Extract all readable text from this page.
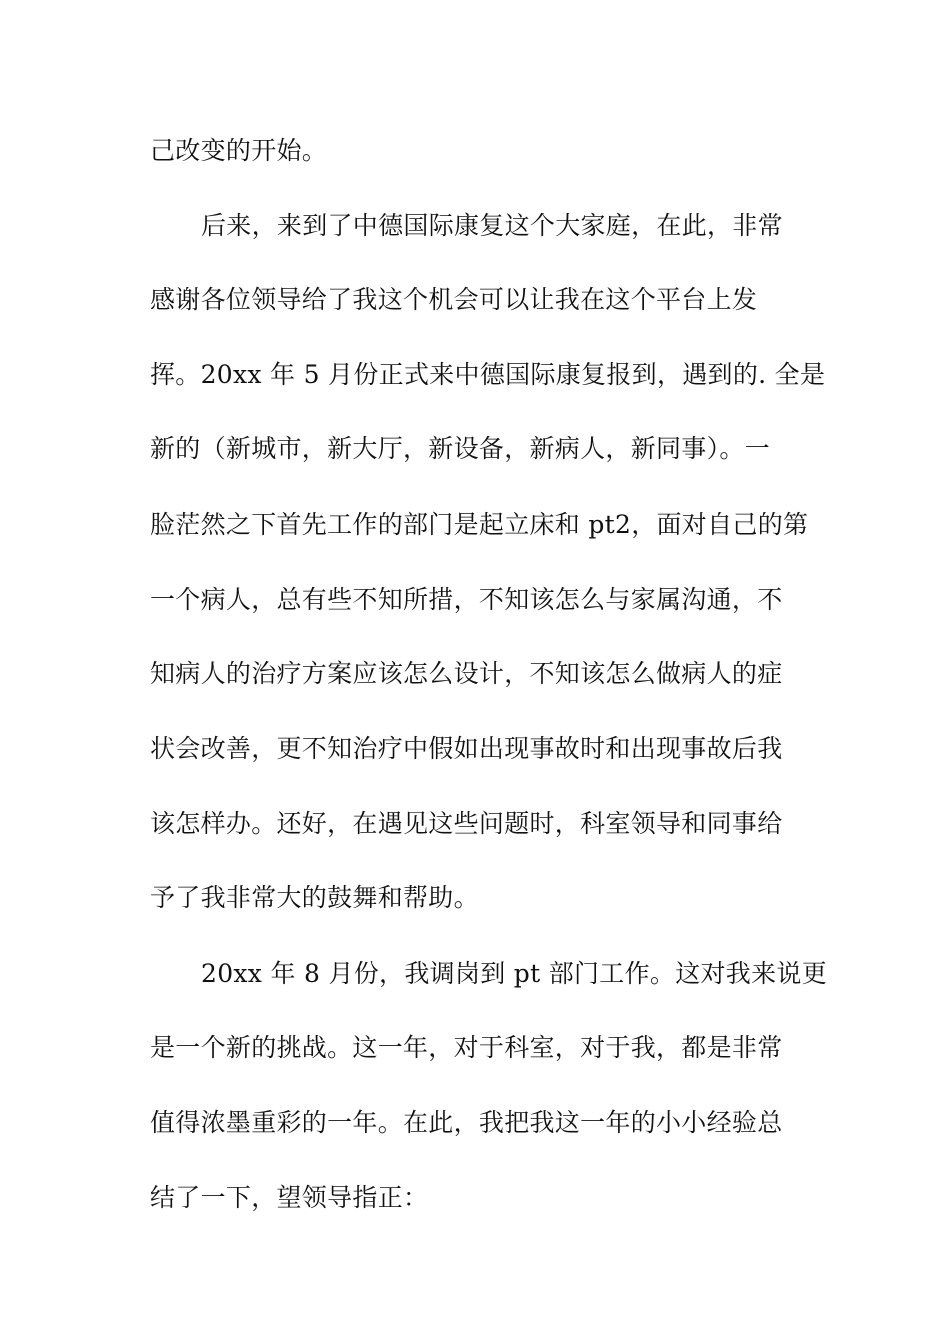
己改变的开始。
后来，来到了中德国际康复这个大家庭，在此，非常
感谢各位领导给了我这个机会可以让我在这个平台上发
挥。20xx 年 5 月份正式来中德国际康复报到，遇到的. 全是
新的（新城市，新大厅，新设备，新病人，新同事）。一
脸茫然之下首先工作的部门是起立床和 pt2，面对自己的第
一个病人，总有些不知所措，不知该怎么与家属沟通，不
知病人的治疗方案应该怎么设计，不知该怎么做病人的症
状会改善，更不知治疗中假如出现事故时和出现事故后我
该怎样办。还好，在遇见这些问题时，科室领导和同事给
予了我非常大的鼓舞和帮助。
20xx 年 8 月份，我调岗到 pt 部门工作。这对我来说更
是一个新的挑战。这一年，对于科室，对于我，都是非常
值得浓墨重彩的一年。在此，我把我这一年的小小经验总
结了一下，望领导指正：
